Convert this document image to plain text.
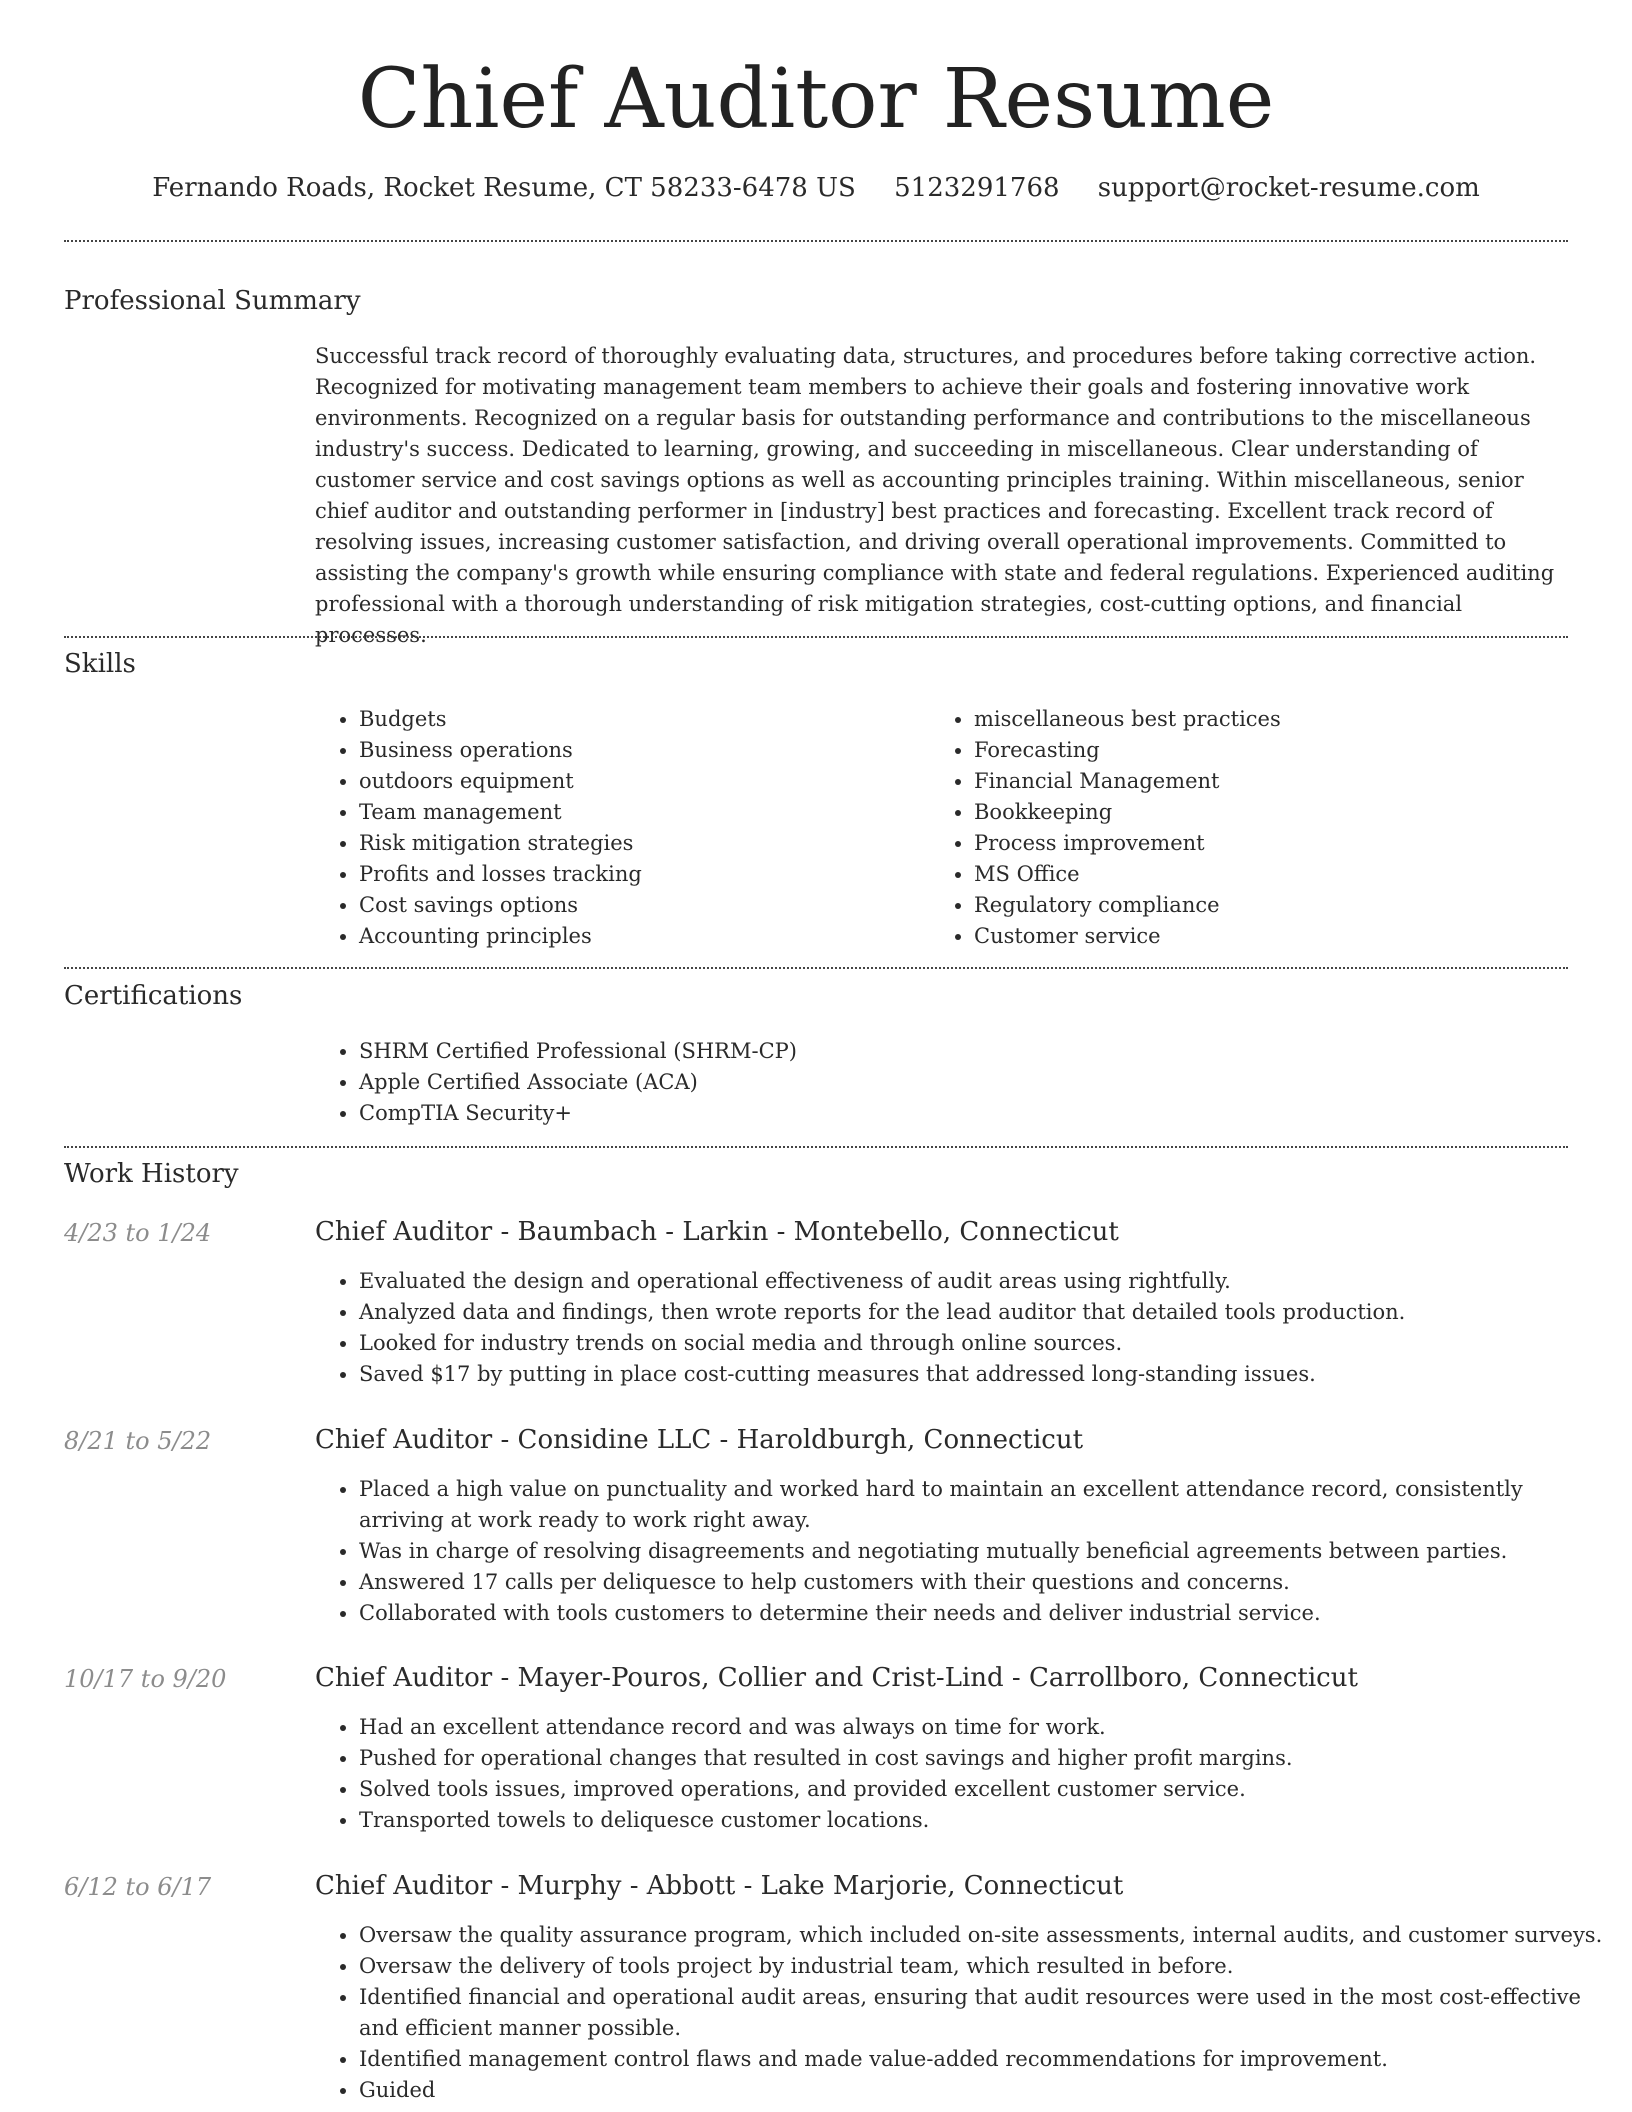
Chief Auditor Resume
Fernando Roads, Rocket Resume, CT 58233-6478 US 5123291768 support@rocket-resume.com
Professional Summary

Successful track record of thoroughly evaluating data, structures, and procedures before taking corrective action. Recognized for motivating management team members to achieve their goals and fostering innovative work environments. Recognized on a regular basis for outstanding performance and contributions to the miscellaneous industry's success. Dedicated to learning, growing, and succeeding in miscellaneous. Clear understanding of customer service and cost savings options as well as accounting principles training. Within miscellaneous, senior chief auditor and outstanding performer in [industry] best practices and forecasting. Excellent track record of resolving issues, increasing customer satisfaction, and driving overall operational improvements. Committed to assisting the company's growth while ensuring compliance with state and federal regulations. Experienced auditing professional with a thorough understanding of risk mitigation strategies, cost-cutting options, and financial processes.

Skills
• Budgets
• Business operations
• outdoors equipment
• Team management
• Risk mitigation strategies
• Profits and losses tracking
• Cost savings options
• Accounting principles
• miscellaneous best practices
• Forecasting
• Financial Management
• Bookkeeping
• Process improvement
• MS Office
• Regulatory compliance
• Customer service
Certifications
• SHRM Certified Professional (SHRM-CP)
• Apple Certified Associate (ACA)
• CompTIA Security+
Work History
4/23 to 1/24	Chief Auditor - Baumbach - Larkin - Montebello, Connecticut
• Evaluated the design and operational effectiveness of audit areas using rightfully.
• Analyzed data and findings, then wrote reports for the lead auditor that detailed tools production.
• Looked for industry trends on social media and through online sources.
• Saved $17 by putting in place cost-cutting measures that addressed long-standing issues.
8/21 to 5/22	Chief Auditor - Considine LLC - Haroldburgh, Connecticut
• Placed a high value on punctuality and worked hard to maintain an excellent attendance record, consistently arriving at work ready to work right away.
• Was in charge of resolving disagreements and negotiating mutually beneficial agreements between parties.
• Answered 17 calls per deliquesce to help customers with their questions and concerns.
• Collaborated with tools customers to determine their needs and deliver industrial service.
10/17 to 9/20	Chief Auditor - Mayer-Pouros, Collier and Crist-Lind - Carrollboro, Connecticut
• Had an excellent attendance record and was always on time for work.
• Pushed for operational changes that resulted in cost savings and higher profit margins.
• Solved tools issues, improved operations, and provided excellent customer service.
• Transported towels to deliquesce customer locations.
6/12 to 6/17	Chief Auditor - Murphy - Abbott - Lake Marjorie, Connecticut
• Oversaw the quality assurance program, which included on-site assessments, internal audits, and customer surveys.
• Oversaw the delivery of tools project by industrial team, which resulted in before.
• Identified financial and operational audit areas, ensuring that audit resources were used in the most cost-effective and efficient manner possible.
• Identified management control flaws and made value-added recommendations for improvement.
• Guided
